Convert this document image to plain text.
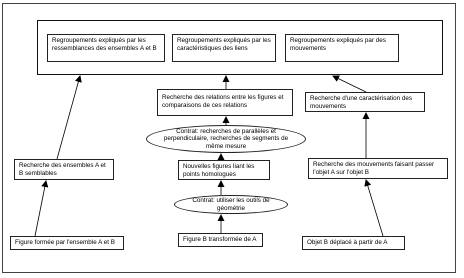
Regroupements expliqués par les ressemblances des ensembles A et B
Regroupements expliqués par les caractéristiques des liens
Regroupements expliqués par des mouvements
Recherche des relations entre les figures et comparaisons de ces relations
Recherche d'une caractérisation des mouvements
Contrat: recherches de parallèles et perpendiculaire, recherches de segments de même mesure
Recherche des ensembles A et B semblables
Nouvelles figures liant les points homologues
Recherche des mouvements faisant passer l'objet A sur l'objet B
Contrat: utiliser les outils de géométrie
Figure formée par l'ensemble A et B	Figure B transformée de A	Objet B déplacé à partir de A
